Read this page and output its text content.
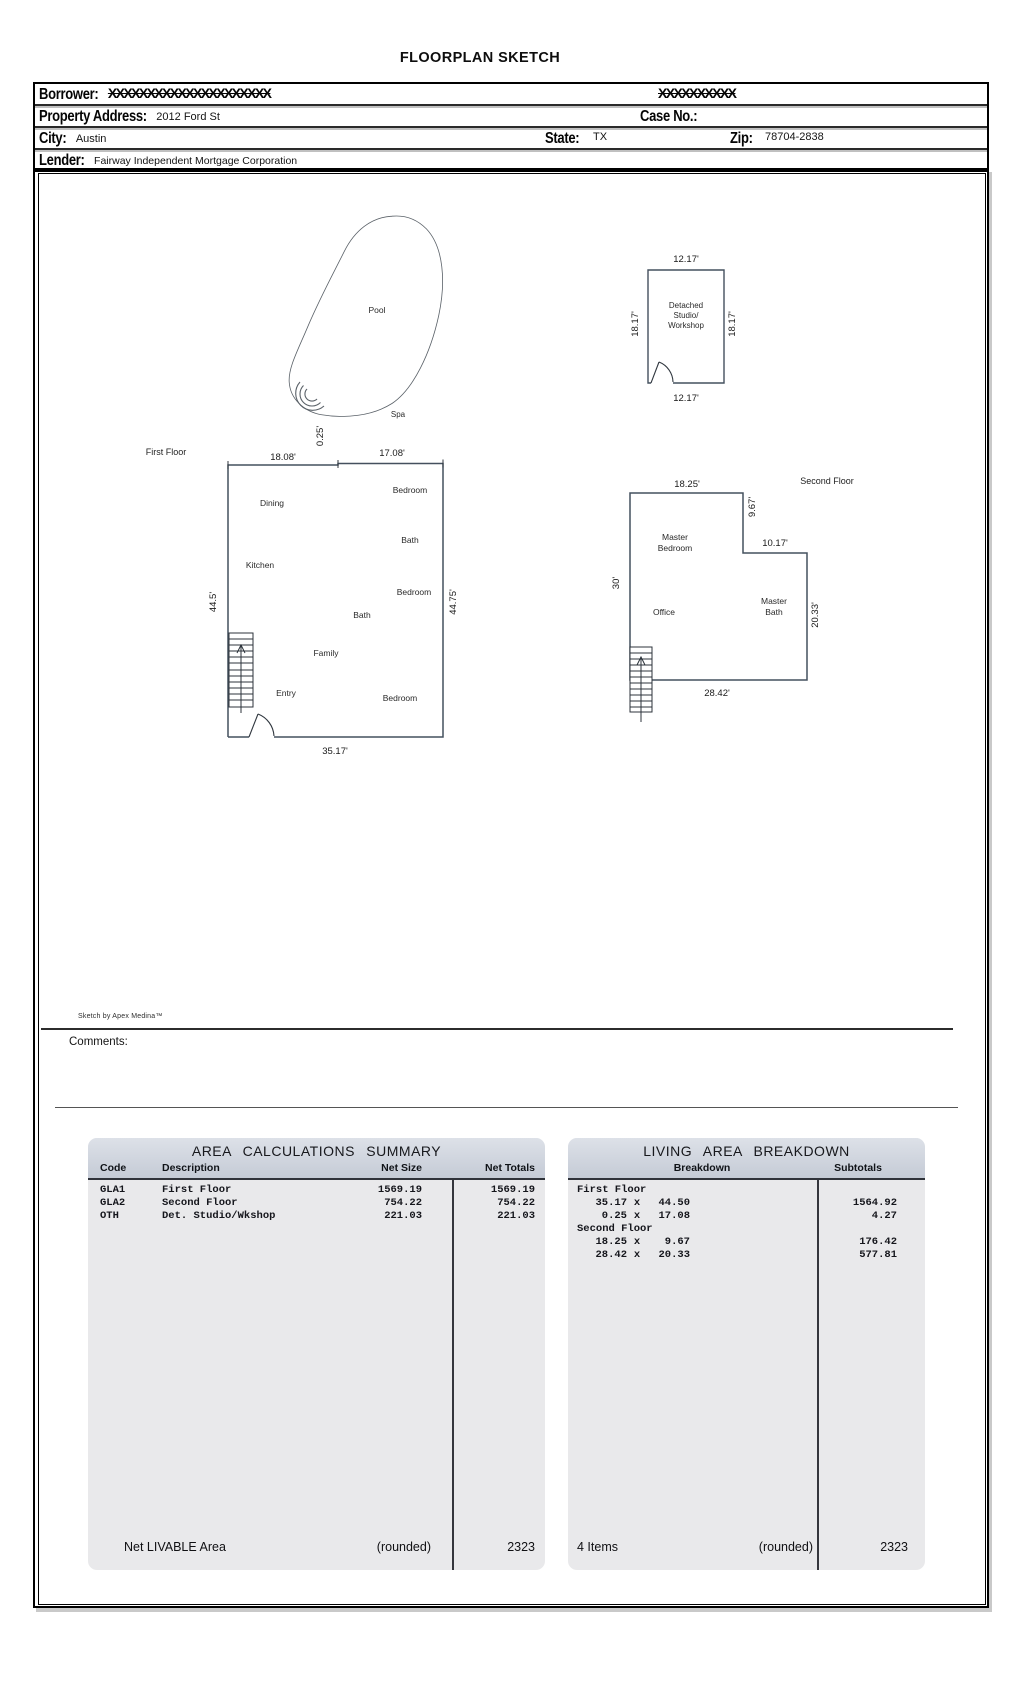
FLOORPLAN SKETCH
Borrower: XXXXXXXXXXXXXXXXXXXXX	XXXXXXXXXX
Property Address: 2012 Ford St	Case No.:
City: Austin	State: TX	Zip: 78704-2838
Lender: Fairway Independent Mortgage Corporation
Pool
Spa
Detached
Studio/
Workshop
12.17'
18.17'	18.17'
12.17'
First Floor	18.08'
0.25'
17.08'
44.5'	44.75'
35.17'
Dining
Bedroom
Bath
Kitchen
Bedroom
Bath
Family
Entry	Bedroom
Second Floor
18.25'
9.67'
10.17'
20.33'
28.42'
30'
Master
Bedroom
Office
Master
Bath
Sketch by Apex Medina™
Comments:
AREA CALCULATIONS SUMMARY
Code	Description	Net Size	Net Totals
GLA1	First Floor	1569.19	1569.19
GLA2	Second Floor	754.22	754.22
OTH	Det. Studio/Wkshop	221.03	221.03
Net LIVABLE Area	(rounded)	2323
LIVING AREA BREAKDOWN
Breakdown	Subtotals
First Floor
35.17 x	44.50	1564.92
0.25 x	17.08	4.27
Second Floor
18.25 x	9.67	176.42
28.42 x	20.33	577.81
4 Items	(rounded)	2323
